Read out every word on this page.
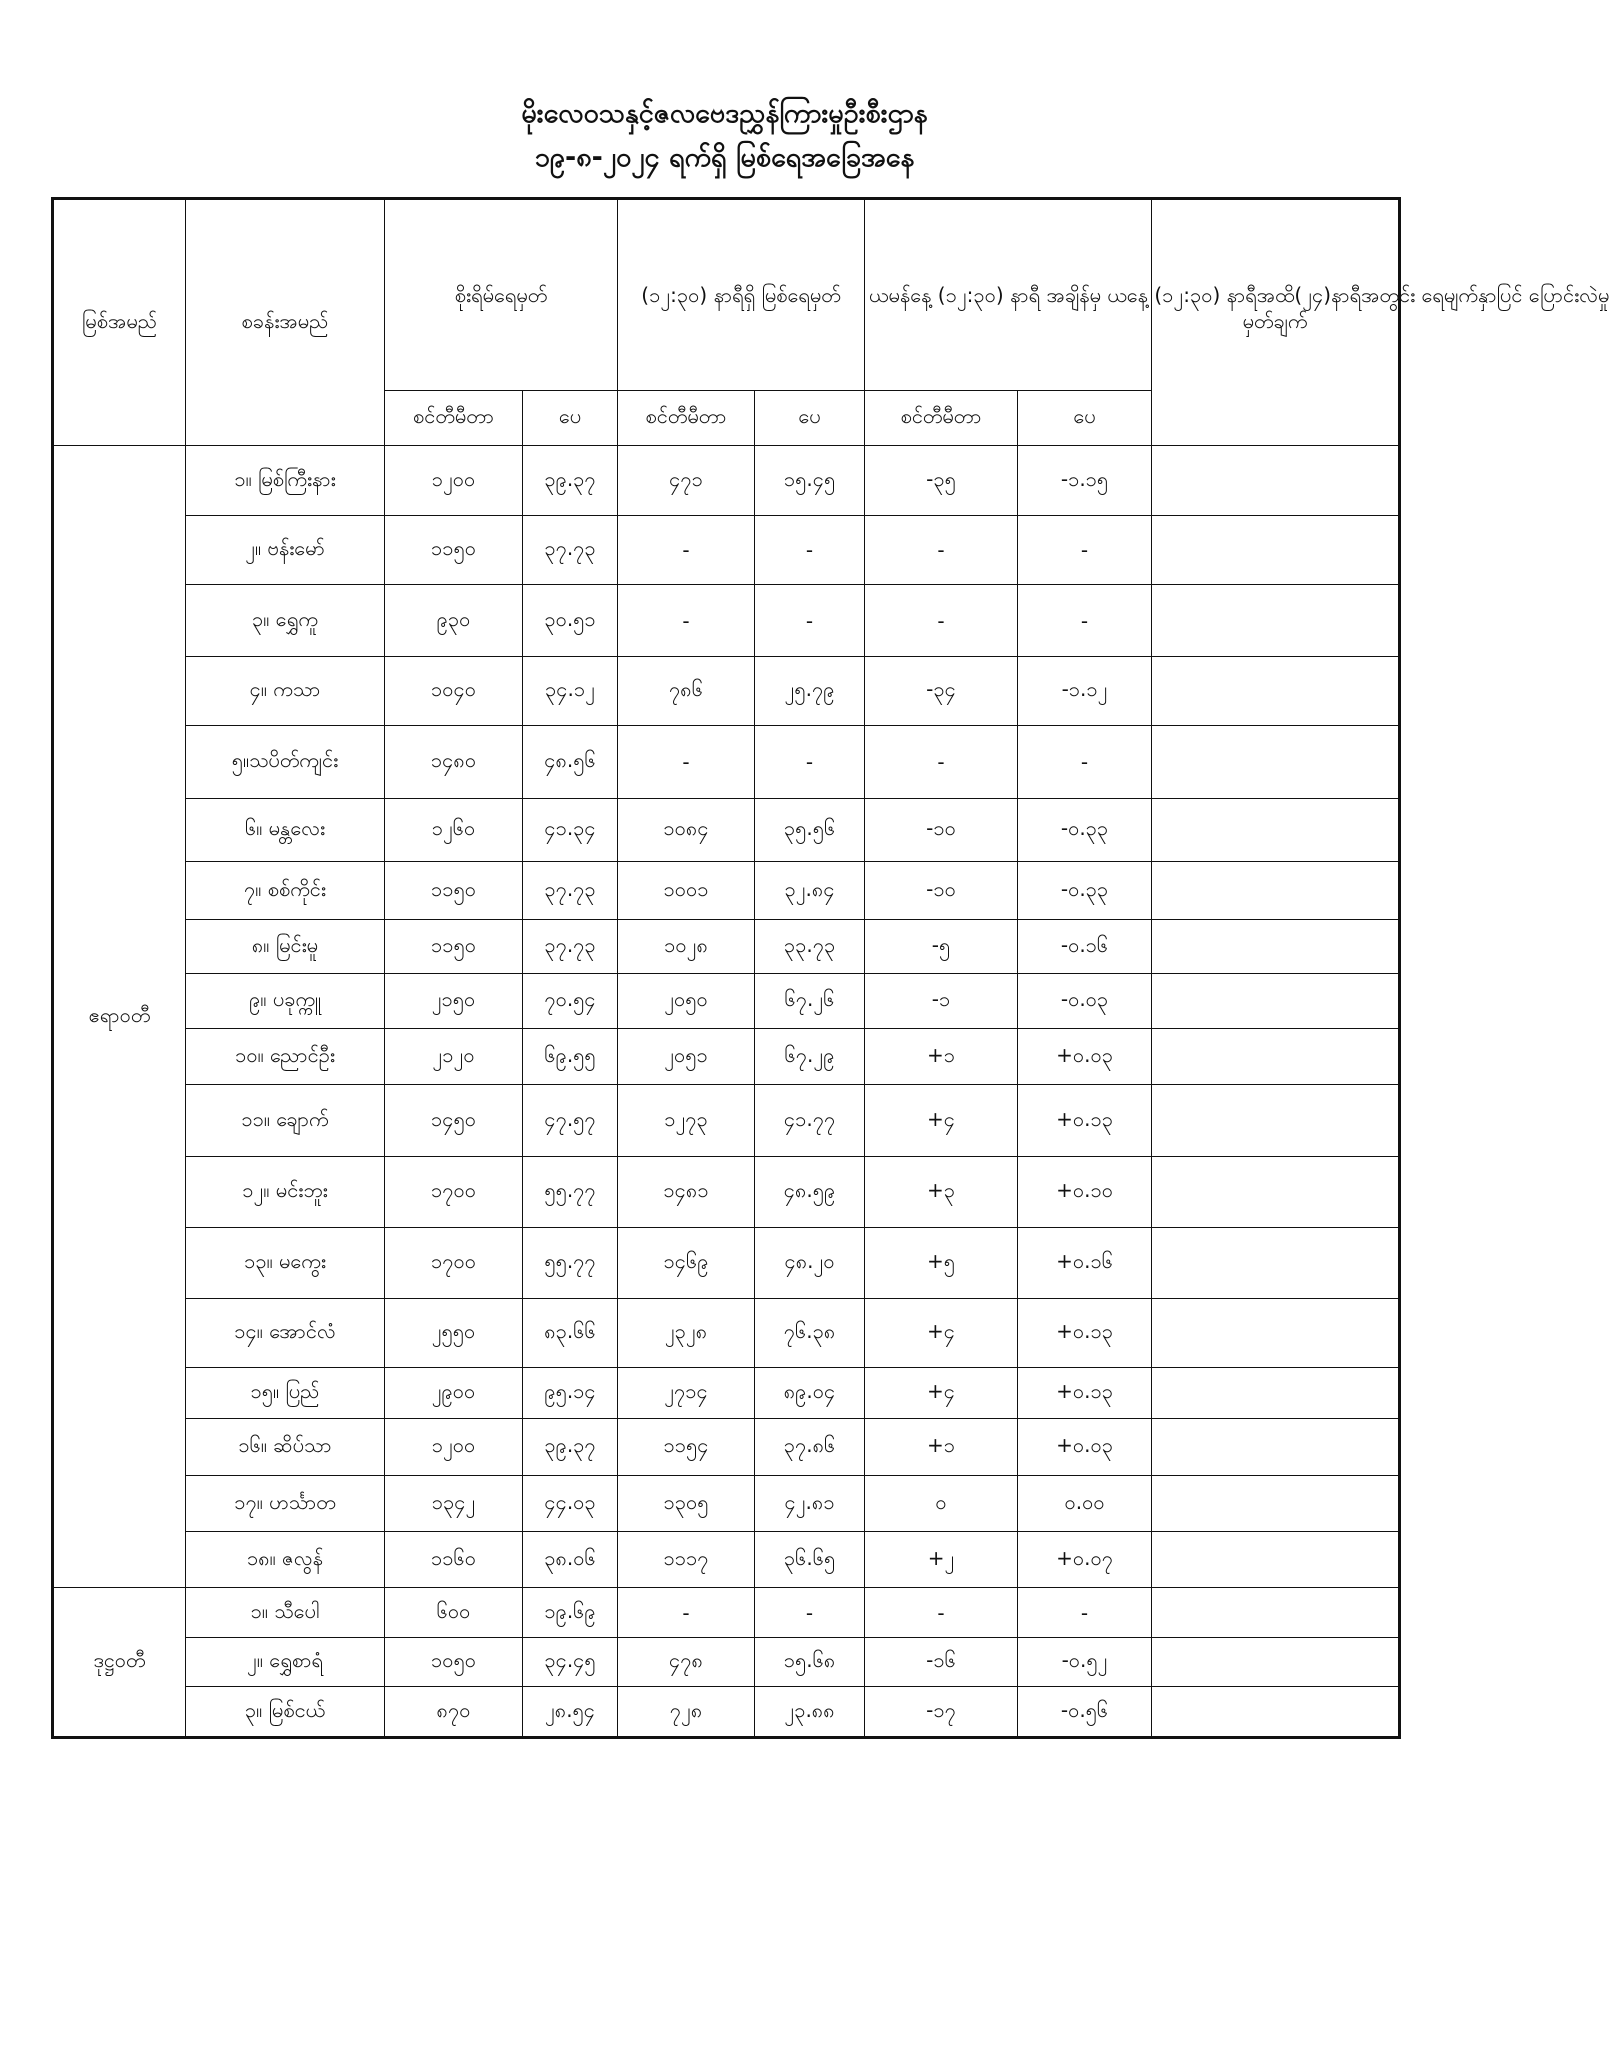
မိုးလေဝသနှင့်ဇလဗေဒညွှန်ကြားမှုဦးစီးဌာန
၁၉-၈-၂၀၂၄ ရက်ရှိ မြစ်ရေအခြေအနေ
မြစ်အမည်	စခန်းအမည်	စိုးရိမ်ရေမှတ်	(၁၂:၃၀) နာရီရှိ မြစ်ရေမှတ်	ယမန်နေ့ (၁၂:၃၀) နာရီ အချိန်မှ ယနေ့ (၁၂:၃၀) နာရီအထိ(၂၄)နာရီအတွင်း ရေမျက်နှာပြင် ပြောင်းလဲမှု	မှတ်ချက်
စင်တီမီတာ	ပေ	စင်တီမီတာ	ပေ	စင်တီမီတာ	ပေ
ဧရာဝတီ	၁။ မြစ်ကြီးနား	၁၂၀၀	၃၉.၃၇	၄၇၁	၁၅.၄၅	-၃၅	-၁.၁၅	
၂။ ဗန်းမော်	၁၁၅၀	၃၇.၇၃	-	-	-	-	
၃။ ရွှေကူ	၉၃၀	၃၀.၅၁	-	-	-	-	
၄။ ကသာ	၁၀၄၀	၃၄.၁၂	၇၈၆	၂၅.၇၉	-၃၄	-၁.၁၂	
၅။သပိတ်ကျင်း	၁၄၈၀	၄၈.၅၆	-	-	-	-	
၆။ မန္တလေး	၁၂၆၀	၄၁.၃၄	၁၀၈၄	၃၅.၅၆	-၁၀	-၀.၃၃	
၇။ စစ်ကိုင်း	၁၁၅၀	၃၇.၇၃	၁၀၀၁	၃၂.၈၄	-၁၀	-၀.၃၃	
၈။ မြင်းမူ	၁၁၅၀	၃၇.၇၃	၁၀၂၈	၃၃.၇၃	-၅	-၀.၁၆	
၉။ ပခုက္ကူ	၂၁၅၀	၇၀.၅၄	၂၀၅၀	၆၇.၂၆	-၁	-၀.၀၃	
၁၀။ ညောင်ဦး	၂၁၂၀	၆၉.၅၅	၂၀၅၁	၆၇.၂၉	+၁	+၀.၀၃	
၁၁။ ချောက်	၁၄၅၀	၄၇.၅၇	၁၂၇၃	၄၁.၇၇	+၄	+၀.၁၃	
၁၂။ မင်းဘူး	၁၇၀၀	၅၅.၇၇	၁၄၈၁	၄၈.၅၉	+၃	+၀.၁၀	
၁၃။ မကွေး	၁၇၀၀	၅၅.၇၇	၁၄၆၉	၄၈.၂၀	+၅	+၀.၁၆	
၁၄။ အောင်လံ	၂၅၅၀	၈၃.၆၆	၂၃၂၈	၇၆.၃၈	+၄	+၀.၁၃	
၁၅။ ပြည်	၂၉၀၀	၉၅.၁၄	၂၇၁၄	၈၉.၀၄	+၄	+၀.၁၃	
၁၆။ ဆိပ်သာ	၁၂၀၀	၃၉.၃၇	၁၁၅၄	၃၇.၈၆	+၁	+၀.၀၃	
၁၇။ ဟင်္သာတ	၁၃၄၂	၄၄.၀၃	၁၃၀၅	၄၂.၈၁	၀	၀.၀၀	
၁၈။ ဇလွန်	၁၁၆၀	၃၈.၀၆	၁၁၁၇	၃၆.၆၅	+၂	+၀.၀၇	
ဒုဋ္ဌဝတီ	၁။ သီပေါ	၆၀၀	၁၉.၆၉	-	-	-	-	
၂။ ရွှေစာရံ	၁၀၅၀	၃၄.၄၅	၄၇၈	၁၅.၆၈	-၁၆	-၀.၅၂	
၃။ မြစ်ငယ်	၈၇၀	၂၈.၅၄	၇၂၈	၂၃.၈၈	-၁၇	-၀.၅၆	
